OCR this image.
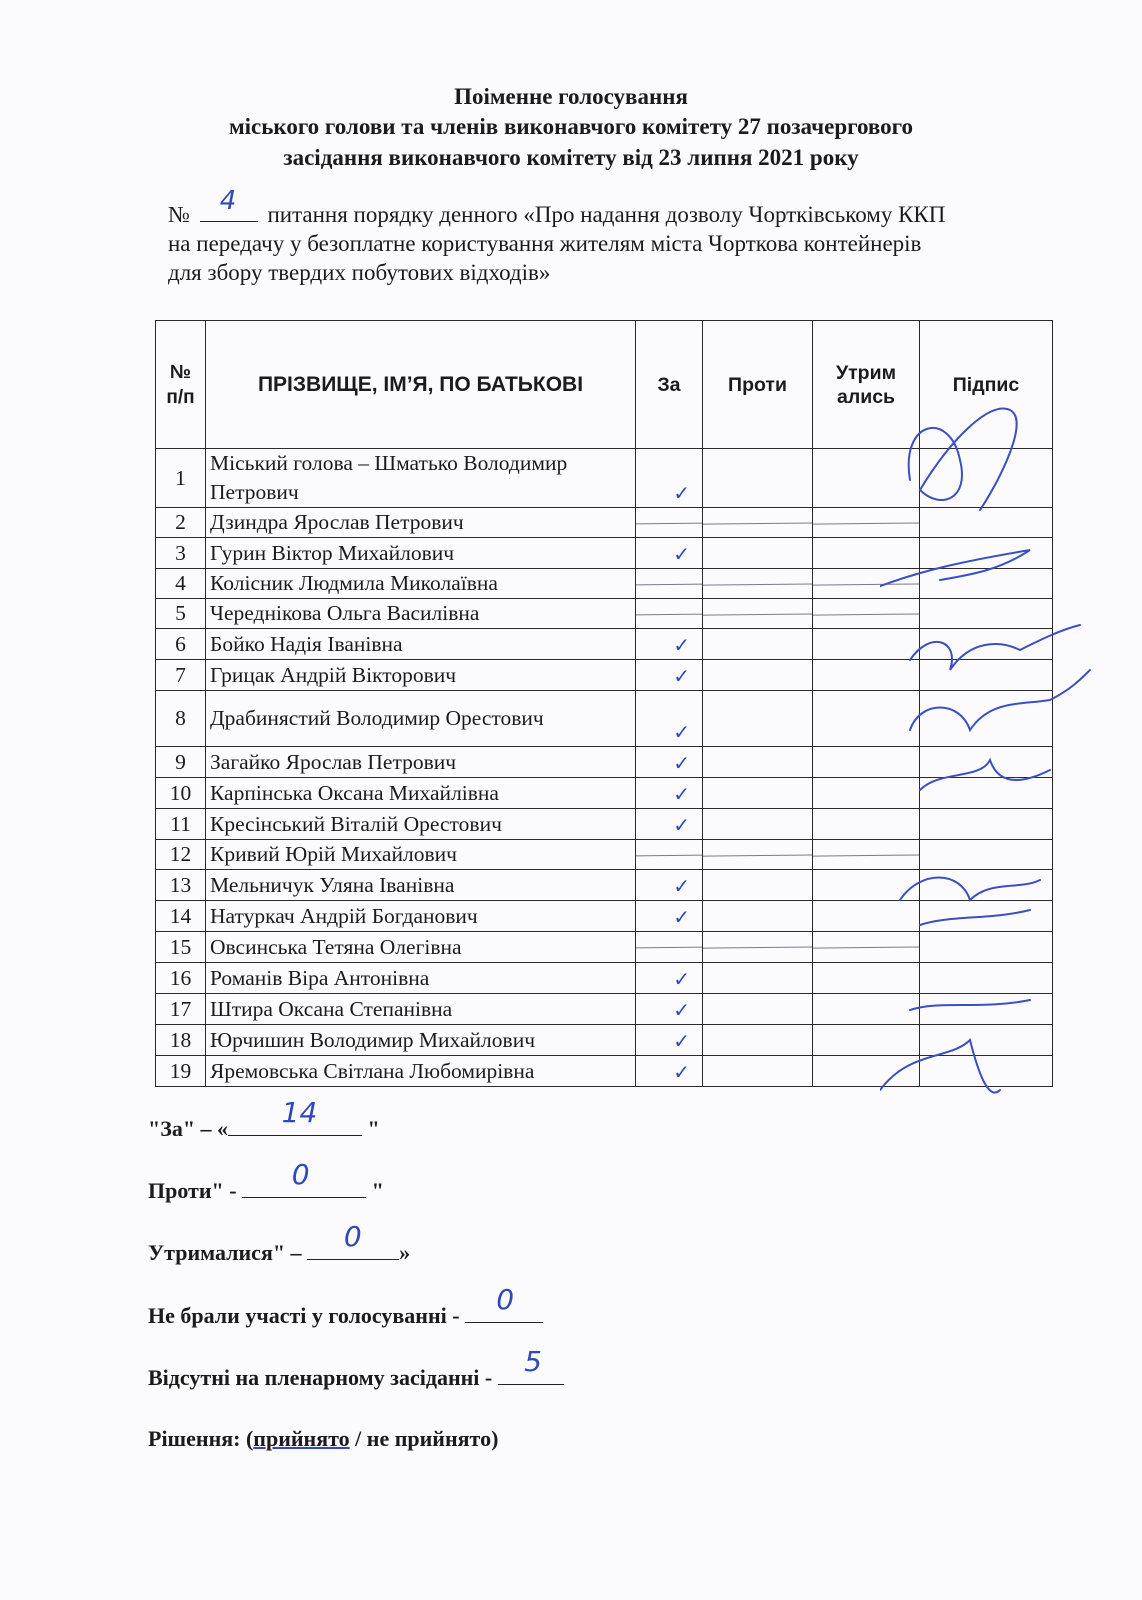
Поіменне голосування
міського голови та членів виконавчого комітету 27 позачергового
засідання виконавчого комітету від 23 липня 2021 року
№ 4 питання порядку денного «Про надання дозволу Чортківському ККП
на передачу у безоплатне користування жителям міста Чорткова контейнерів
для збору твердих побутових відходів»
№ п/п	ПРІЗВИЩЕ, ІМ’Я, ПО БАТЬКОВІ	За	Проти	Утрим ались	Підпис
1	Міський голова – Шматько Володимир Петрович	✓			

2	Дзиндра Ярослав Петрович	

3	Гурин Віктор Михайлович	✓			

4	Колісник Людмила Миколаївна	

5	Череднікова Ольга Василівна	

6	Бойко Надія Іванівна	✓			

7	Грицак Андрій Вікторович	✓			

8	Драбинястий Володимир Орестович	✓			

9	Загайко Ярослав Петрович	✓			

10	Карпінська Оксана Михайлівна	✓			

11	Кресінський Віталій Орестович	✓			

12	Кривий Юрій Михайлович	

13	Мельничук Уляна Іванівна	✓			

14	Натуркач Андрій Богданович	✓			

15	Овсинська Тетяна Олегівна	

16	Романів Віра Антонівна	✓			

17	Штира Оксана Степанівна	✓			

18	Юрчишин Володимир Михайлович	✓			

19	Яремовська Світлана Любомирівна	✓			

"За" – « 14 "
Проти" - 0	"
Утрималися" – 0 »
Не брали участі у голосуванні - 0
Відсутні на пленарному засіданні - 5
Рішення: (прийнято / не прийнято)
